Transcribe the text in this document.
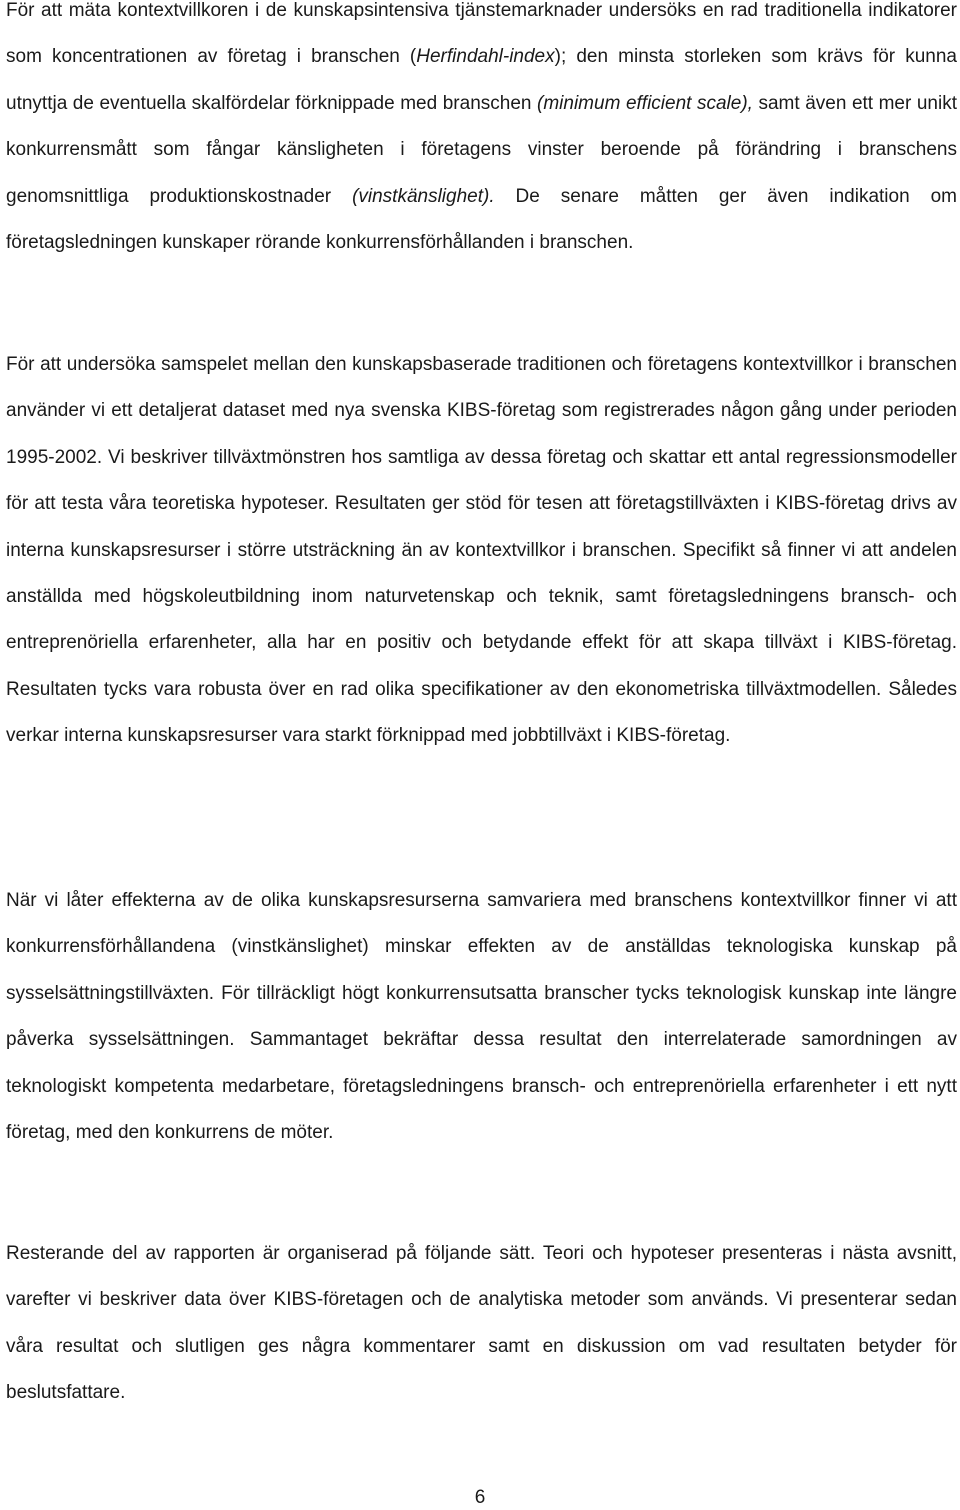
För att mäta kontextvillkoren i de kunskapsintensiva tjänstemarknader undersöks en rad traditionella indikatorer som koncentrationen av företag i branschen (Herfindahl-index); den minsta storleken som krävs för kunna utnyttja de eventuella skalfördelar förknippade med branschen (minimum efficient scale), samt även ett mer unikt konkurrensmått som fångar känsligheten i företagens vinster beroende på förändring i branschens genomsnittliga produktionskostnader (vinstkänslighet). De senare måtten ger även indikation om företagsledningen kunskaper rörande konkurrensförhållanden i branschen.

För att undersöka samspelet mellan den kunskapsbaserade traditionen och företagens kontextvillkor i branschen använder vi ett detaljerat dataset med nya svenska KIBS-företag som registrerades någon gång under perioden 1995-2002. Vi beskriver tillväxtmönstren hos samtliga av dessa företag och skattar ett antal regressionsmodeller för att testa våra teoretiska hypoteser. Resultaten ger stöd för tesen att företagstillväxten i KIBS-företag drivs av interna kunskapsresurser i större utsträckning än av kontextvillkor i branschen. Specifikt så finner vi att andelen anställda med högskoleutbildning inom naturvetenskap och teknik, samt företagsledningens bransch- och entreprenöriella erfarenheter, alla har en positiv och betydande effekt för att skapa tillväxt i KIBS-företag. Resultaten tycks vara robusta över en rad olika specifikationer av den ekonometriska tillväxtmodellen. Således verkar interna kunskapsresurser vara starkt förknippad med jobbtillväxt i KIBS-företag.

När vi låter effekterna av de olika kunskapsresurserna samvariera med branschens kontextvillkor finner vi att konkurrensförhållandena (vinstkänslighet) minskar effekten av de anställdas teknologiska kunskap på sysselsättningstillväxten. För tillräckligt högt konkurrensutsatta branscher tycks teknologisk kunskap inte längre påverka sysselsättningen. Sammantaget bekräftar dessa resultat den interrelaterade samordningen av teknologiskt kompetenta medarbetare, företagsledningens bransch- och entreprenöriella erfarenheter i ett nytt företag, med den konkurrens de möter.

Resterande del av rapporten är organiserad på följande sätt. Teori och hypoteser presenteras i nästa avsnitt, varefter vi beskriver data över KIBS-företagen och de analytiska metoder som används. Vi presenterar sedan våra resultat och slutligen ges några kommentarer samt en diskussion om vad resultaten betyder för beslutsfattare.

6
